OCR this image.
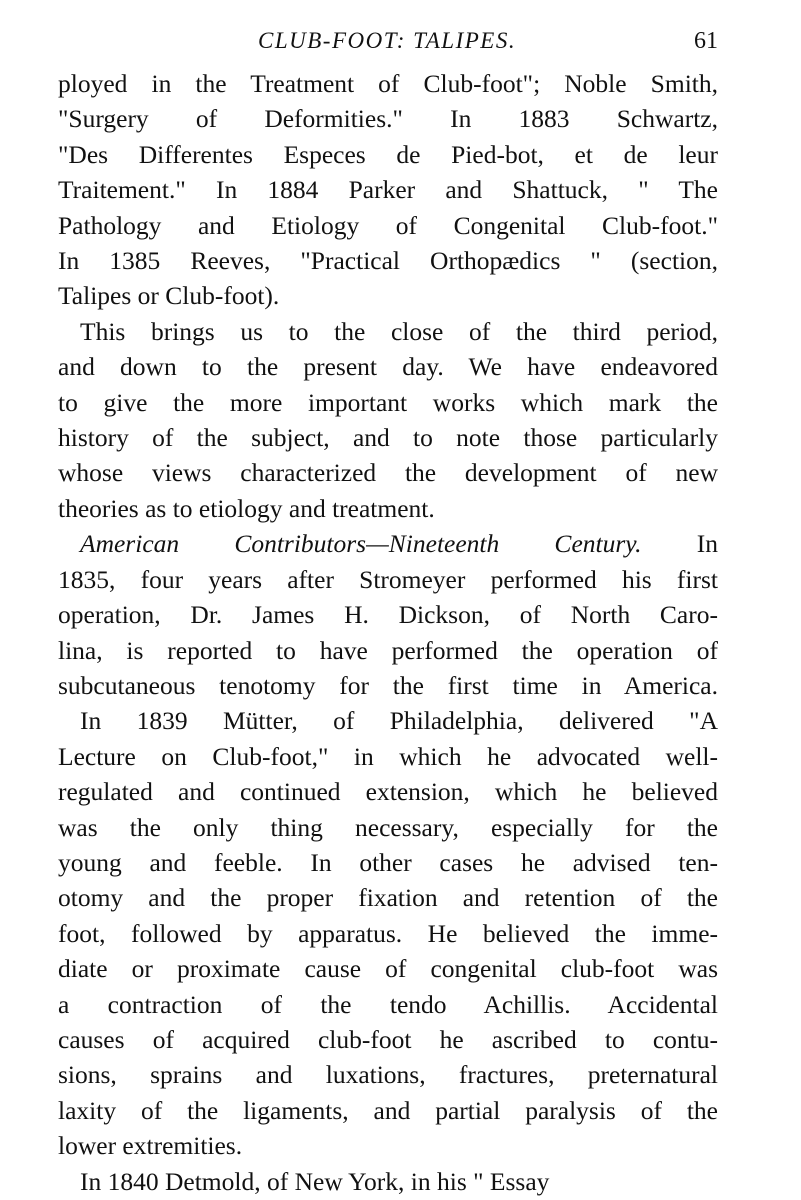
CLUB-FOOT: TALIPES.	61
ployed in the Treatment of Club-foot"; Noble Smith,
"Surgery of Deformities." In 1883 Schwartz,
"Des Differentes Especes de Pied-bot, et de leur
Traitement." In 1884 Parker and Shattuck, " The
Pathology and Etiology of Congenital Club-foot."
In 1385 Reeves, "Practical Orthopædics " (section,
Talipes or Club-foot).
This brings us to the close of the third period,
and down to the present day. We have endeavored
to give the more important works which mark the
history of the subject, and to note those particularly
whose views characterized the development of new
theories as to etiology and treatment.
American Contributors—Nineteenth Century. In
1835, four years after Stromeyer performed his first
operation, Dr. James H. Dickson, of North Caro-
lina, is reported to have performed the operation of
subcutaneous tenotomy for the first time in America.
In 1839 Mütter, of Philadelphia, delivered "A
Lecture on Club-foot," in which he advocated well-
regulated and continued extension, which he believed
was the only thing necessary, especially for the
young and feeble. In other cases he advised ten-
otomy and the proper fixation and retention of the
foot, followed by apparatus. He believed the imme-
diate or proximate cause of congenital club-foot was
a contraction of the tendo Achillis. Accidental
causes of acquired club-foot he ascribed to contu-
sions, sprains and luxations, fractures, preternatural
laxity of the ligaments, and partial paralysis of the
lower extremities.
In 1840 Detmold, of New York, in his " Essay
